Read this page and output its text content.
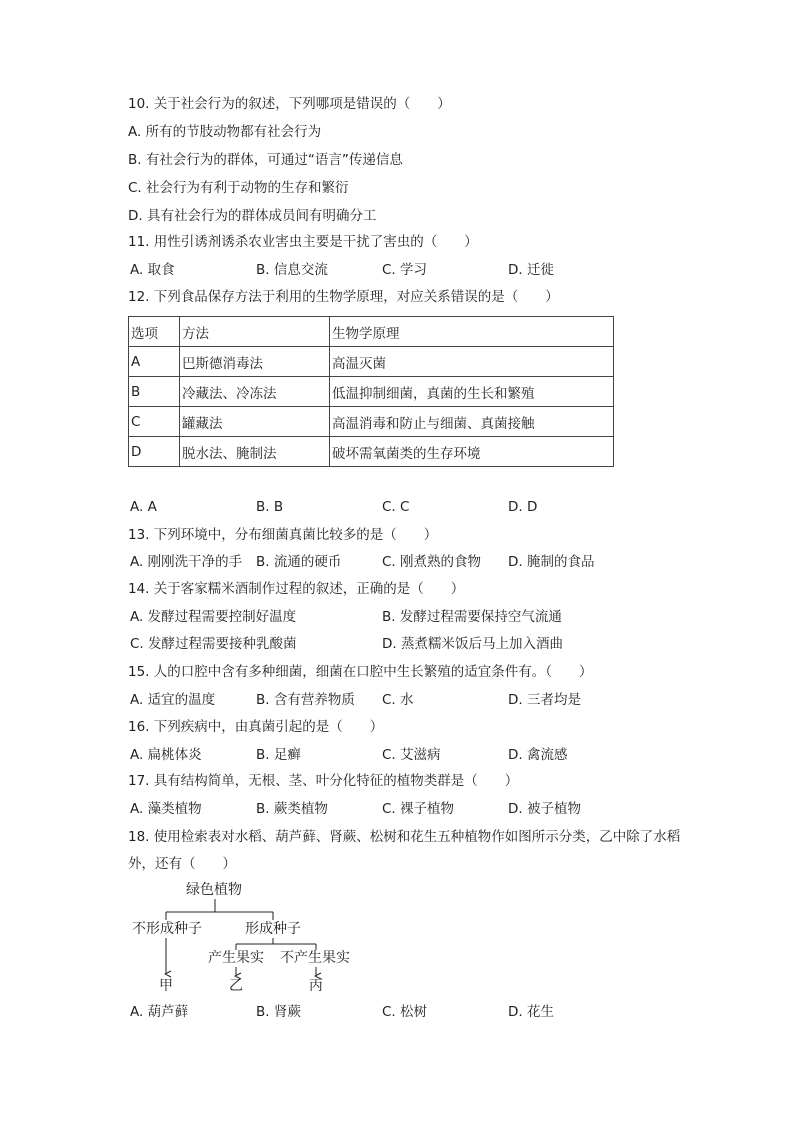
10. 关于社会行为的叙述，下列哪项是错误的（　　）
A. 所有的节肢动物都有社会行为
B. 有社会行为的群体，可通过“语言”传递信息
C. 社会行为有利于动物的生存和繁衍
D. 具有社会行为的群体成员间有明确分工
11. 用性引诱剂诱杀农业害虫主要是干扰了害虫的（　　）
A. 取食	B. 信息交流	C. 学习	D. 迁徙
12. 下列食品保存方法于利用的生物学原理，对应关系错误的是（　　）
选项	方法	生物学原理
A	巴斯德消毒法	高温灭菌
B	冷藏法、冷冻法	低温抑制细菌，真菌的生长和繁殖
C	罐藏法	高温消毒和防止与细菌、真菌接触
D	脱水法、腌制法	破坏需氧菌类的生存环境
A. A	B. B	C. C	D. D
13. 下列环境中，分布细菌真菌比较多的是（　　）
A. 刚刚洗干净的手 B. 流通的硬币	C. 刚煮熟的食物 D. 腌制的食品
14. 关于客家糯米酒制作过程的叙述，正确的是（　　）
A. 发酵过程需要控制好温度	B. 发酵过程需要保持空气流通
C. 发酵过程需要接种乳酸菌	D. 蒸煮糯米饭后马上加入酒曲
15. 人的口腔中含有多种细菌，细菌在口腔中生长繁殖的适宜条件有。（　　）
A. 适宜的温度	B. 含有营养物质 C. 水	D. 三者均是
16. 下列疾病中，由真菌引起的是（　　）
A. 扁桃体炎	B. 足癣	C. 艾滋病	D. 禽流感
17. 具有结构简单，无根、茎、叶分化特征的植物类群是（　　）
A. 藻类植物	B. 蕨类植物	C. 裸子植物	D. 被子植物
18. 使用检索表对水稻、葫芦藓、肾蕨、松树和花生五种植物作如图所示分类，乙中除了水稻
外，还有（　　）
绿色植物
不形成种子	形成种子
产生果实 不产生果实
甲	乙	丙
A. 葫芦藓	B. 肾蕨	C. 松树	D. 花生
